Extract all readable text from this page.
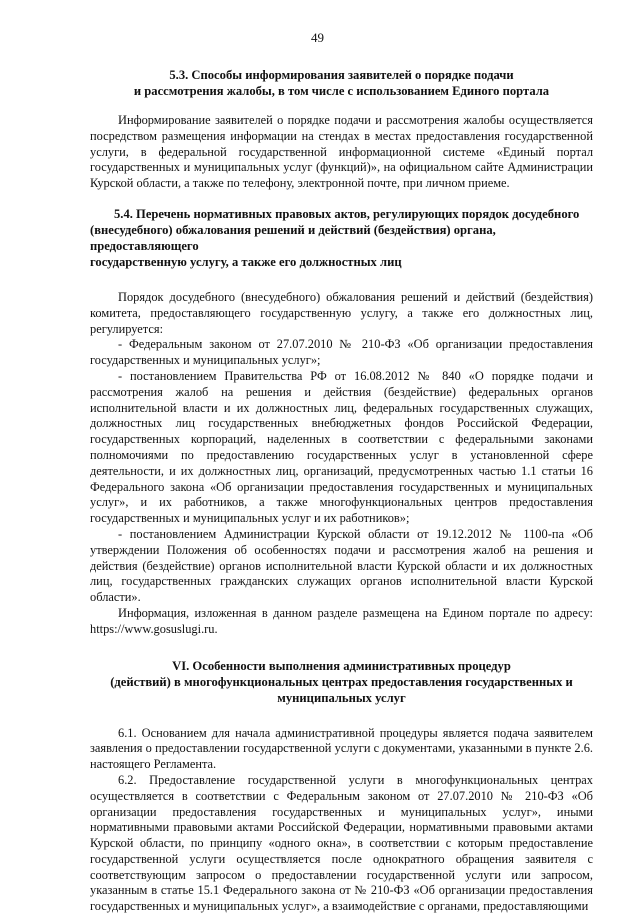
49
5.3. Способы информирования заявителей о порядке подачи
и рассмотрения жалобы, в том числе с использованием Единого портала

Информирование заявителей о порядке подачи и рассмотрения жалобы осуществляется посредством размещения информации на стендах в местах предоставления государственной услуги, в федеральной государственной информационной системе «Единый портал государственных и муниципальных услуг (функций)», на официальном сайте Администрации Курской области, а также по телефону, электронной почте, при личном приеме.

5.4. Перечень нормативных правовых актов, регулирующих порядок досудебного
(внесудебного) обжалования решений и действий (бездействия) органа, предоставляющего
государственную услугу, а также его должностных лиц

Порядок досудебного (внесудебного) обжалования решений и действий (бездействия) комитета, предоставляющего государственную услугу, а также его должностных лиц, регулируется:

- Федеральным законом от 27.07.2010 № 210-ФЗ «Об организации предоставления государственных и муниципальных услуг»;

- постановлением Правительства РФ от 16.08.2012 № 840 «О порядке подачи и рассмотрения жалоб на решения и действия (бездействие) федеральных органов исполнительной власти и их должностных лиц, федеральных государственных служащих, должностных лиц государственных внебюджетных фондов Российской Федерации, государственных корпораций, наделенных в соответствии с федеральными законами полномочиями по предоставлению государственных услуг в установленной сфере деятельности, и их должностных лиц, организаций, предусмотренных частью 1.1 статьи 16 Федерального закона «Об организации предоставления государственных и муниципальных услуг», и их работников, а также многофункциональных центров предоставления государственных и муниципальных услуг и их работников»;

- постановлением Администрации Курской области от 19.12.2012 № 1100-па «Об утверждении Положения об особенностях подачи и рассмотрения жалоб на решения и действия (бездействие) органов исполнительной власти Курской области и их должностных лиц, государственных гражданских служащих органов исполнительной власти Курской области».

Информация, изложенная в данном разделе размещена на Едином портале по адресу: https://www.gosuslugi.ru.

VI. Особенности выполнения административных процедур
(действий) в многофункциональных центрах предоставления государственных и
муниципальных услуг

6.1. Основанием для начала административной процедуры является подача заявителем заявления о предоставлении государственной услуги с документами, указанными в пункте 2.6. настоящего Регламента.

6.2. Предоставление государственной услуги в многофункциональных центрах осуществляется в соответствии с Федеральным законом от 27.07.2010 № 210-ФЗ «Об организации предоставления государственных и муниципальных услуг», иными нормативными правовыми актами Российской Федерации, нормативными правовыми актами Курской области, по принципу «одного окна», в соответствии с которым предоставление государственной услуги осуществляется после однократного обращения заявителя с соответствующим запросом о предоставлении государственной услуги или запросом, указанным в статье 15.1 Федерального закона от № 210-ФЗ «Об организации предоставления государственных и муниципальных услуг», а взаимодействие с органами, предоставляющими
